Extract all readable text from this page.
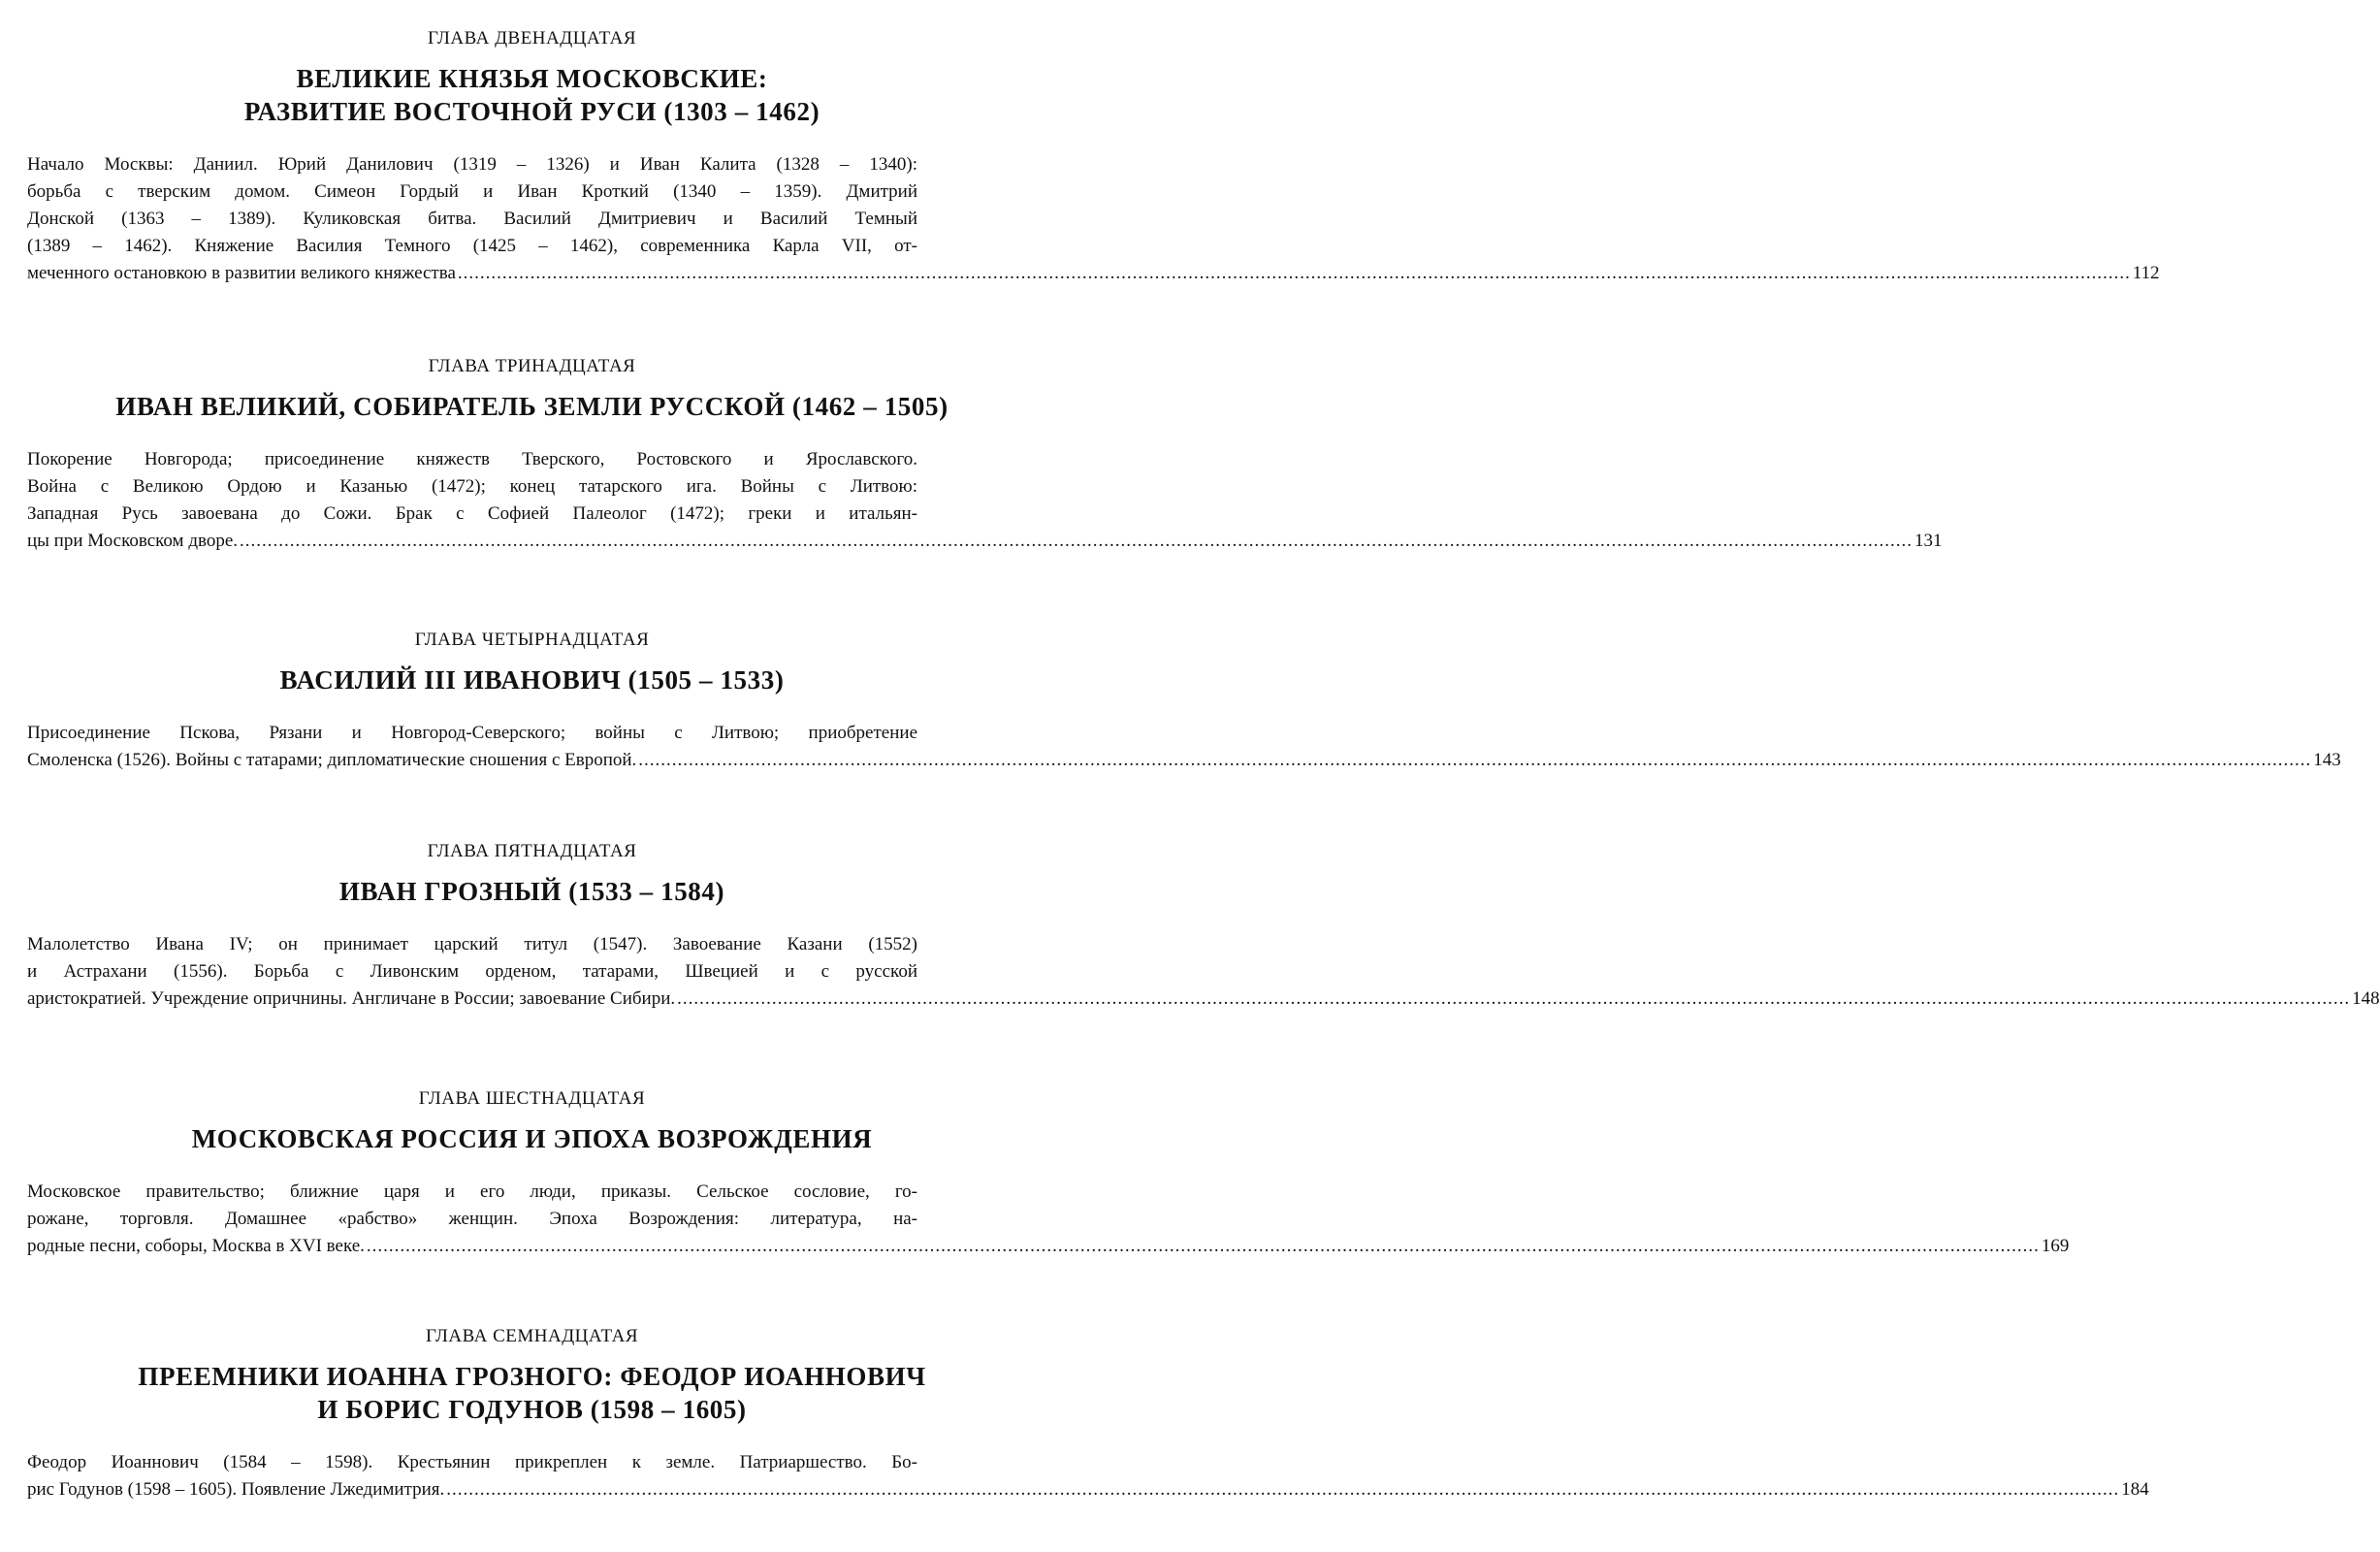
ГЛАВА ДВЕНАДЦАТАЯ
ВЕЛИКИЕ КНЯЗЬЯ МОСКОВСКИЕ:
РАЗВИТИЕ ВОСТОЧНОЙ РУСИ (1303 – 1462)
Начало Москвы: Даниил. Юрий Данилович (1319 – 1326) и Иван Калита (1328 – 1340):
борьба с тверским домом. Симеон Гордый и Иван Кроткий (1340 – 1359). Дмитрий
Донской (1363 – 1389). Куликовская битва. Василий Дмитриевич и Василий Темный
(1389 – 1462). Княжение Василия Темного (1425 – 1462), современника Карла VII, от-
меченного остановкою в развитии великого княжества ............................................................................................................................................................................................................................................................................................................ 112
ГЛАВА ТРИНАДЦАТАЯ
ИВАН ВЕЛИКИЙ, СОБИРАТЕЛЬ ЗЕМЛИ РУССКОЙ (1462 – 1505)
Покорение Новгорода; присоединение княжеств Тверского, Ростовского и Ярославского.
Война с Великою Ордою и Казанью (1472); конец татарского ига. Войны с Литвою:
Западная Русь завоевана до Сожи. Брак с Софией Палеолог (1472); греки и итальян-
цы при Московском дворе. ............................................................................................................................................................................................................................................................................................................ 131
ГЛАВА ЧЕТЫРНАДЦАТАЯ
ВАСИЛИЙ III ИВАНОВИЧ (1505 – 1533)
Присоединение Пскова, Рязани и Новгород-Северского; войны с Литвою; приобретение
Смоленска (1526). Войны с татарами; дипломатические сношения с Европой. ............................................................................................................................................................................................................................................................................................................ 143
ГЛАВА ПЯТНАДЦАТАЯ
ИВАН ГРОЗНЫЙ (1533 – 1584)
Малолетство Ивана IV; он принимает царский титул (1547). Завоевание Казани (1552)
и Астрахани (1556). Борьба с Ливонским орденом, татарами, Швецией и с русской
аристократией. Учреждение опричнины. Англичане в России; завоевание Сибири. ............................................................................................................................................................................................................................................................................................................ 148
ГЛАВА ШЕСТНАДЦАТАЯ
МОСКОВСКАЯ РОССИЯ И ЭПОХА ВОЗРОЖДЕНИЯ
Московское правительство; ближние царя и его люди, приказы. Сельское сословие, го-
рожане, торговля. Домашнее «рабство» женщин. Эпоха Возрождения: литература, на-
родные песни, соборы, Москва в XVI веке. ............................................................................................................................................................................................................................................................................................................ 169
ГЛАВА СЕМНАДЦАТАЯ
ПРЕЕМНИКИ ИОАННА ГРОЗНОГО: ФЕОДОР ИОАННОВИЧ
И БОРИС ГОДУНОВ (1598 – 1605)
Феодор Иоаннович (1584 – 1598). Крестьянин прикреплен к земле. Патриаршество. Бо-
рис Годунов (1598 – 1605). Появление Лжедимитрия. ............................................................................................................................................................................................................................................................................................................ 184
